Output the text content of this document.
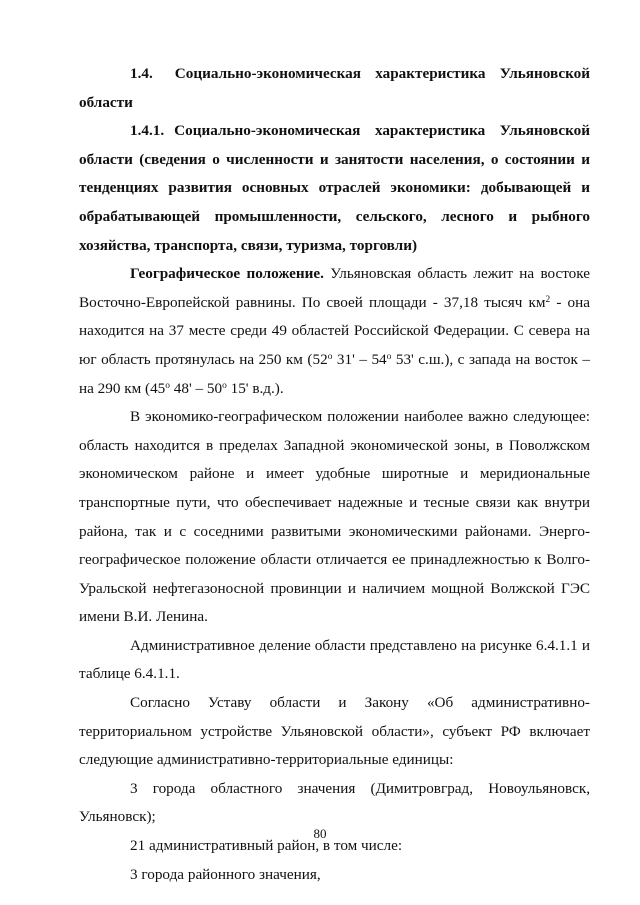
1.4. Социально-экономическая характеристика Ульяновской области

1.4.1. Социально-экономическая характеристика Ульяновской области (сведения о численности и занятости населения, о состоянии и тенденциях развития основных отраслей экономики: добывающей и обрабатывающей промышленности, сельского, лесного и рыбного хозяйства, транспорта, связи, туризма, торговли)

Географическое положение. Ульяновская область лежит на востоке Восточно-Европейской равнины. По своей площади - 37,18 тысяч $км^2$ - она находится на 37 месте среди 49 областей Российской Федерации. С севера на юг область протянулась на 250 км ($52^о$ $31' - 54^о$ 53' с.ш.), с запада на восток – на 290 км ($45^о$ $48' - 50^о$ 15' в.д.).

В экономико-географическом положении наиболее важно следующее: область находится в пределах Западной экономической зоны, в Поволжском экономическом районе и имеет удобные широтные и меридиональные транспортные пути, что обеспечивает надежные и тесные связи как внутри района, так и с соседними развитыми экономическими районами. Энерго-географическое положение области отличается ее принадлежностью к Волго-Уральской нефтегазоносной провинции и наличием мощной Волжской ГЭС имени В.И. Ленина.

Административное деление области представлено на рисунке 6.4.1.1 и таблице 6.4.1.1.

Согласно Уставу области и Закону «Об административно-территориальном устройстве Ульяновской области», субъект РФ включает следующие административно-территориальные единицы:

3 города областного значения (Димитровград, Новоульяновск, Ульяновск);

21 административный район, в том числе:

3 города районного значения,

80
